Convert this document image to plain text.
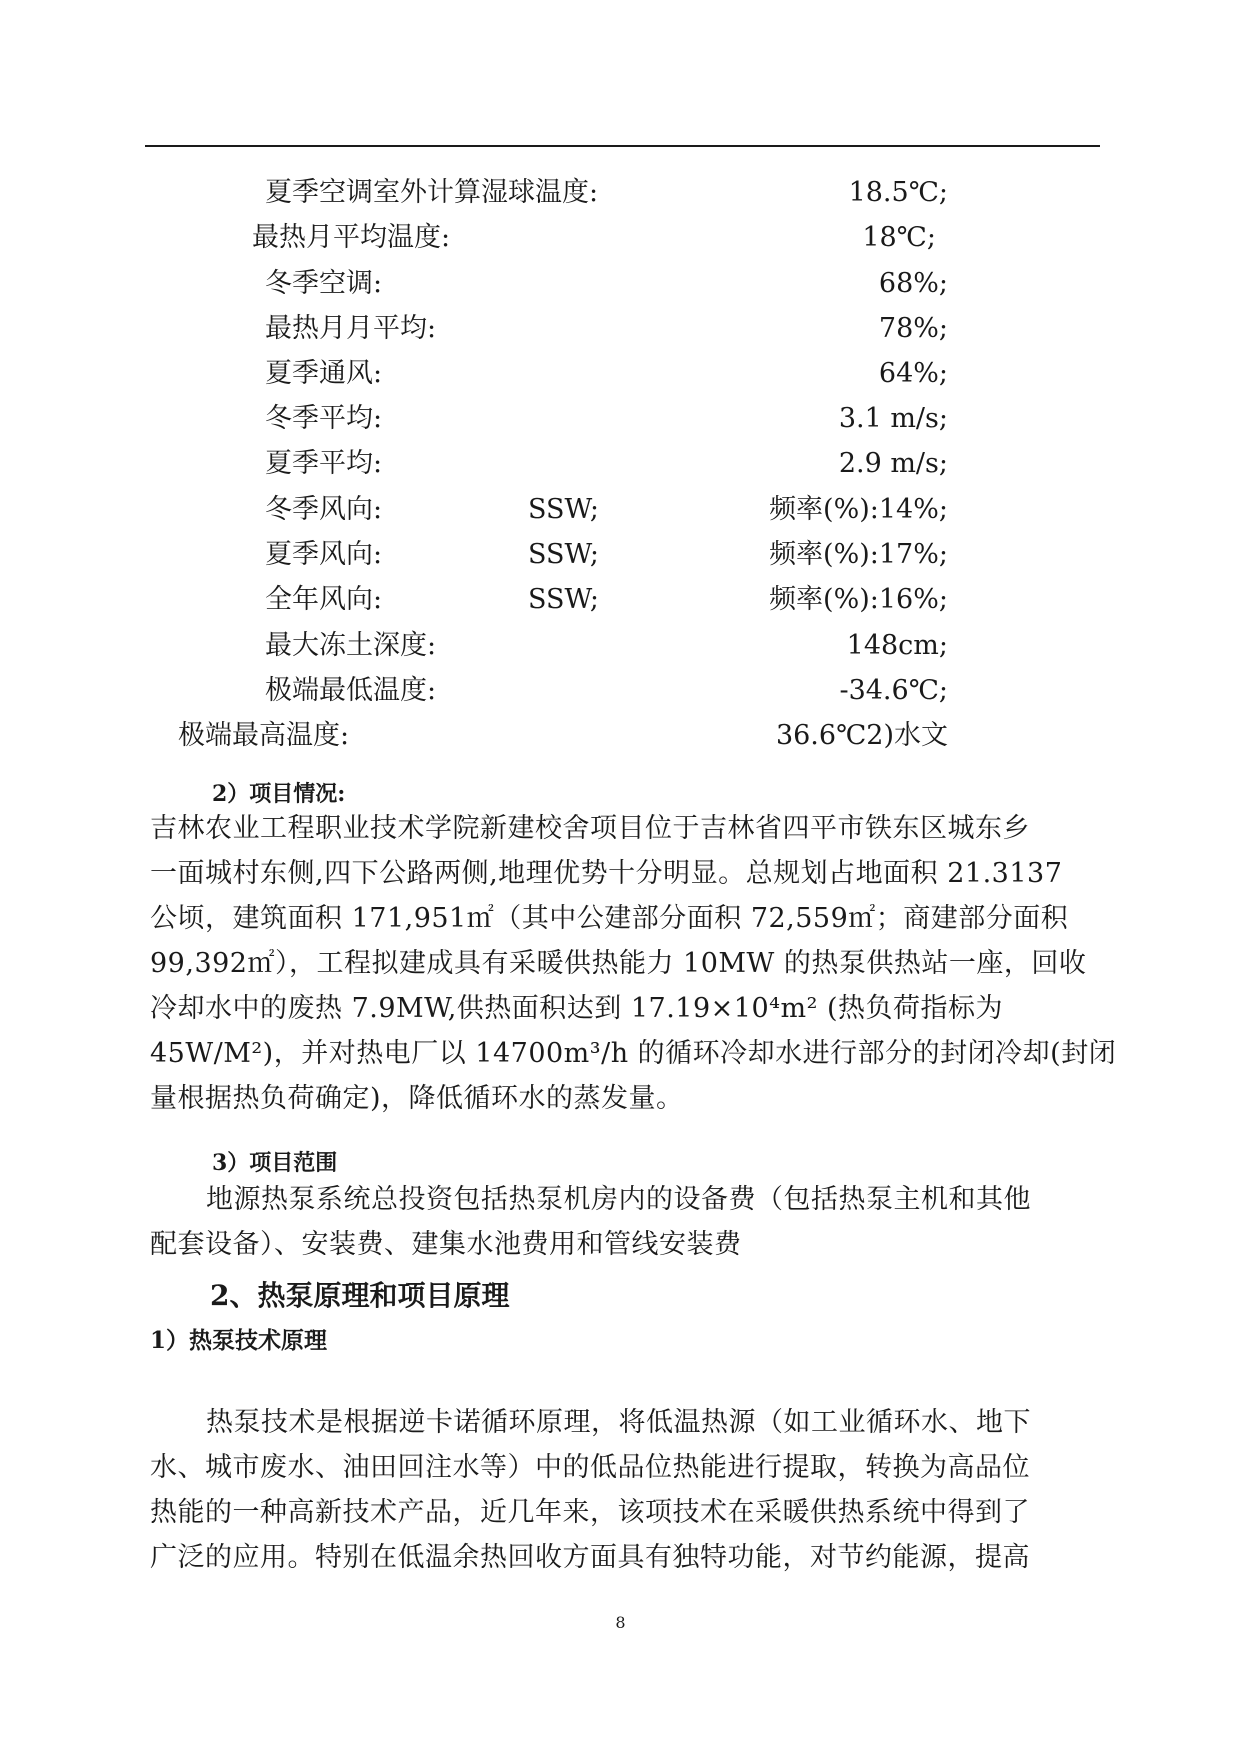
夏季空调室外计算湿球温度:	18.5℃;
最热月平均温度:	18℃;
冬季空调:	68%;
最热月月平均:	78%;
夏季通风:	64%;
冬季平均:	3.1 m/s;
夏季平均:	2.9 m/s;
冬季风向:	SSW;	频率(%):14%;
夏季风向:	SSW;	频率(%):17%;
全年风向:	SSW;	频率(%):16%;
最大冻土深度:	148cm;
极端最低温度:	-34.6℃;
极端最高温度:	36.6℃2)水文
2）项目情况:
吉林农业工程职业技术学院新建校舍项目位于吉林省四平市铁东区城东乡
一面城村东侧,四下公路两侧,地理优势十分明显。总规划占地面积 21.3137
公顷，建筑面积 171,951㎡（其中公建部分面积 72,559㎡；商建部分面积
99,392㎡），工程拟建成具有采暖供热能力 10MW 的热泵供热站一座，回收
冷却水中的废热 7.9MW,供热面积达到 17.19×10⁴m² (热负荷指标为
45W/M²)，并对热电厂以 14700m³/h 的循环冷却水进行部分的封闭冷却(封闭
量根据热负荷确定)，降低循环水的蒸发量。
3）项目范围
地源热泵系统总投资包括热泵机房内的设备费（包括热泵主机和其他
配套设备）、安装费、建集水池费用和管线安装费
2、热泵原理和项目原理
1）热泵技术原理
热泵技术是根据逆卡诺循环原理，将低温热源（如工业循环水、地下
水、城市废水、油田回注水等）中的低品位热能进行提取，转换为高品位
热能的一种高新技术产品，近几年来，该项技术在采暖供热系统中得到了
广泛的应用。特别在低温余热回收方面具有独特功能，对节约能源，提高
8
